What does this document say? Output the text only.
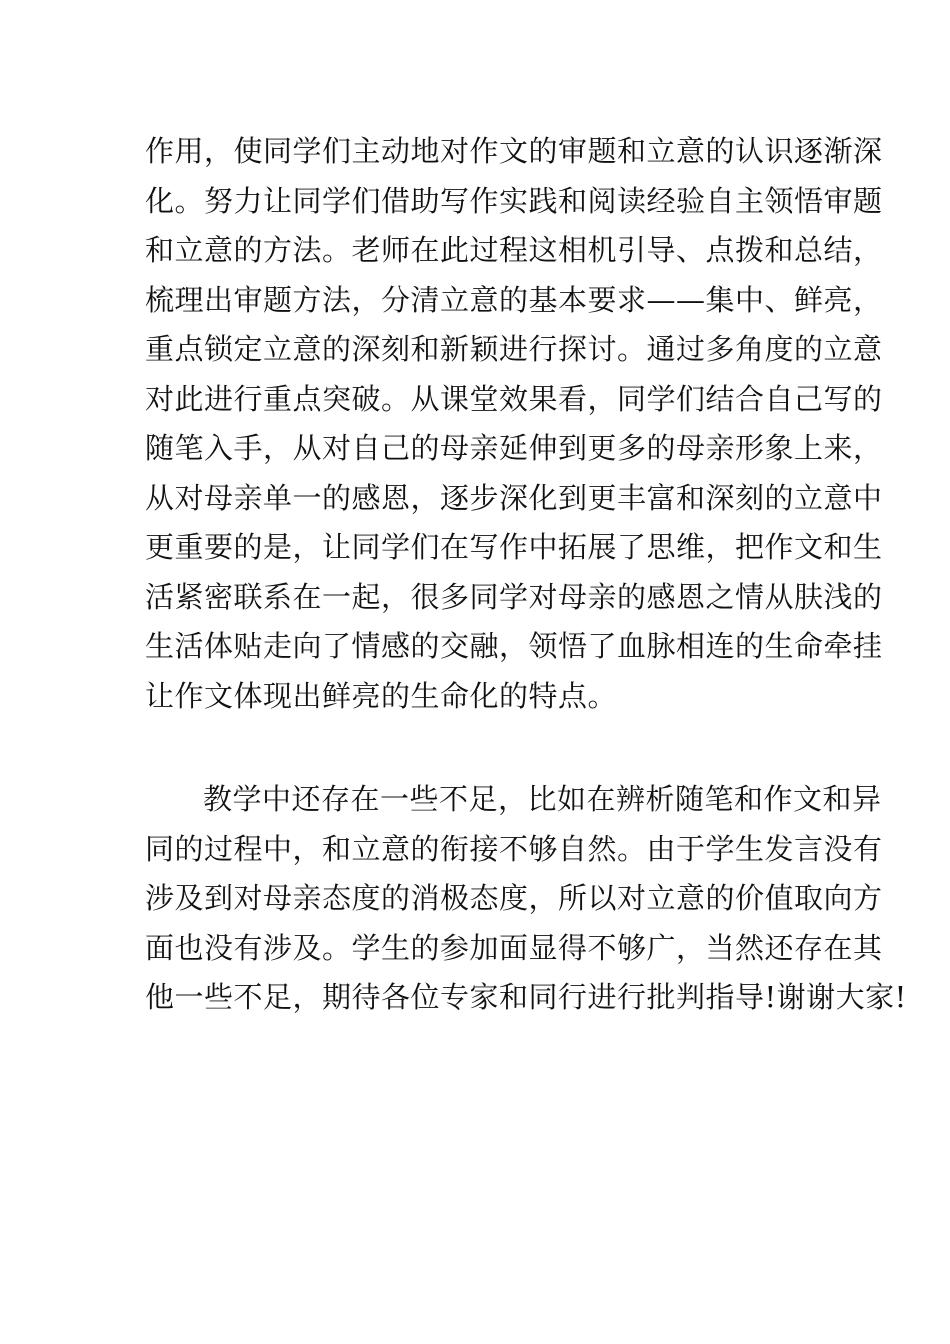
作用，使同学们主动地对作文的审题和立意的认识逐渐深
化。努力让同学们借助写作实践和阅读经验自主领悟审题
和立意的方法。老师在此过程这相机引导、点拨和总结，
梳理出审题方法，分清立意的基本要求——集中、鲜亮，
重点锁定立意的深刻和新颖进行探讨。通过多角度的立意
对此进行重点突破。从课堂效果看，同学们结合自己写的
随笔入手，从对自己的母亲延伸到更多的母亲形象上来，
从对母亲单一的感恩，逐步深化到更丰富和深刻的立意中
更重要的是，让同学们在写作中拓展了思维，把作文和生
活紧密联系在一起，很多同学对母亲的感恩之情从肤浅的
生活体贴走向了情感的交融，领悟了血脉相连的生命牵挂
让作文体现出鲜亮的生命化的特点。
教学中还存在一些不足，比如在辨析随笔和作文和异
同的过程中，和立意的衔接不够自然。由于学生发言没有
涉及到对母亲态度的消极态度，所以对立意的价值取向方
面也没有涉及。学生的参加面显得不够广，当然还存在其
他一些不足，期待各位专家和同行进行批判指导!谢谢大家!
